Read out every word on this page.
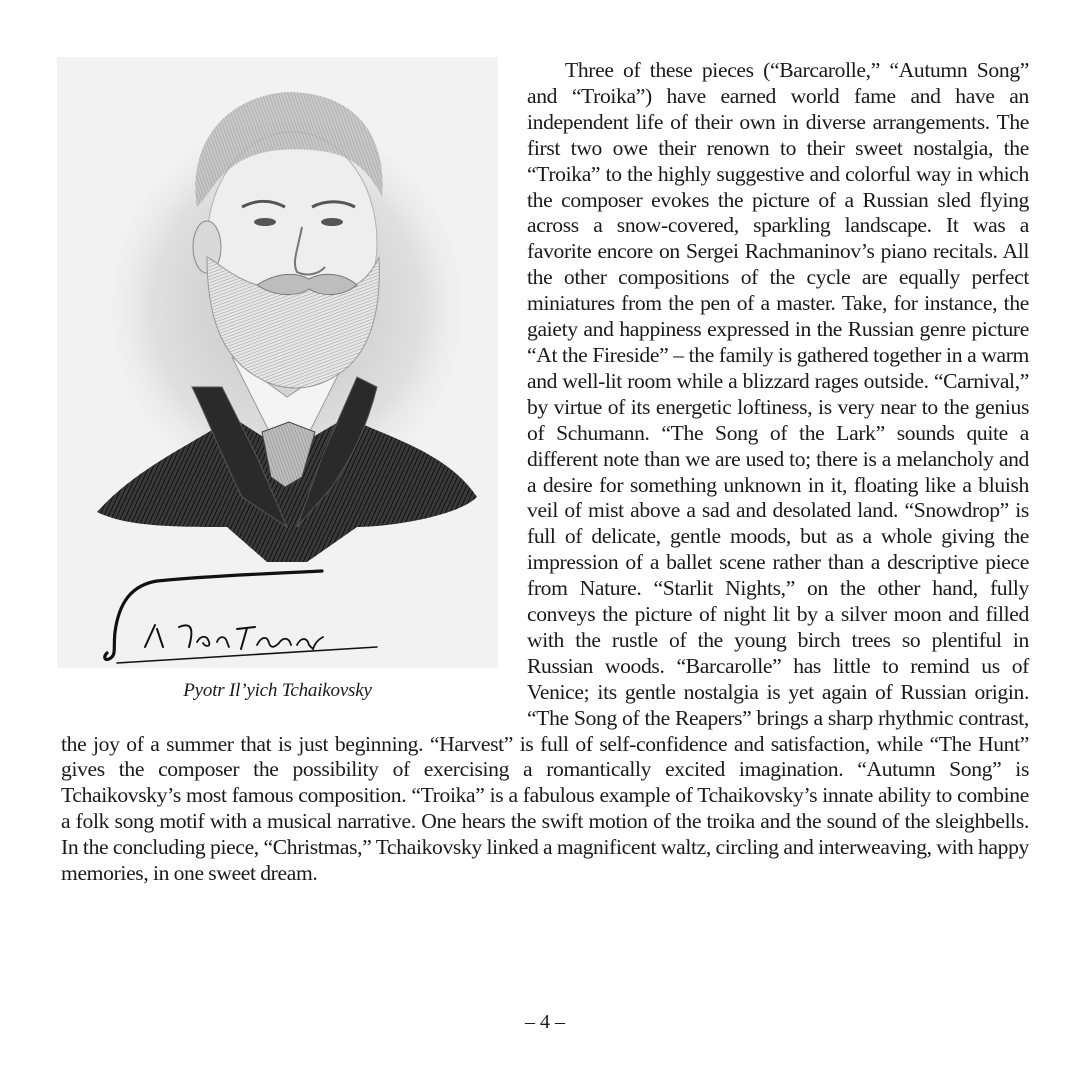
Pyotr Il’yich Tchaikovsky

Three of these pieces (“Barcarolle,” “Autumn Song” and “Troika”) have earned world fame and have an independent life of their own in diverse arrangements. The first two owe their renown to their sweet nostalgia, the “Troika” to the highly suggestive and colorful way in which the composer evokes the picture of a Russian sled flying across a snow-covered, sparkling landscape. It was a favorite encore on Sergei Rachmaninov’s piano recitals. All the other compositions of the cycle are equally perfect miniatures from the pen of a master. Take, for instance, the gaiety and happiness expressed in the Russian genre picture “At the Fireside” – the family is gathered together in a warm and well-lit room while a blizzard rages outside. “Carnival,” by virtue of its energetic loftiness, is very near to the genius of Schumann. “The Song of the Lark” sounds quite a different note than we are used to; there is a melancholy and a desire for something unknown in it, floating like a bluish veil of mist above a sad and desolated land. “Snowdrop” is full of delicate, gentle moods, but as a whole giving the impression of a ballet scene rather than a descriptive piece from Nature. “Starlit Nights,” on the other hand, fully conveys the picture of night lit by a silver moon and filled with the rustle of the young birch trees so plentiful in Russian woods. “Barcarolle” has little to remind us of Venice; its gentle nostalgia is yet again of Russian origin. “The Song of the Reapers” brings a sharp rhythmic contrast, the joy of a summer that is just beginning. “Harvest” is full of self-confidence and satisfaction, while “The Hunt” gives the composer the possibility of exercising a romantically excited imagination. “Autumn Song” is Tchaikovsky’s most famous composition. “Troika” is a fabulous example of Tchaikovsky’s innate ability to combine a folk song motif with a musical narrative. One hears the swift motion of the troika and the sound of the sleighbells. In the concluding piece, “Christmas,” Tchaikovsky linked a magnificent waltz, circling and interweaving, with happy memories, in one sweet dream.

– 4 –
